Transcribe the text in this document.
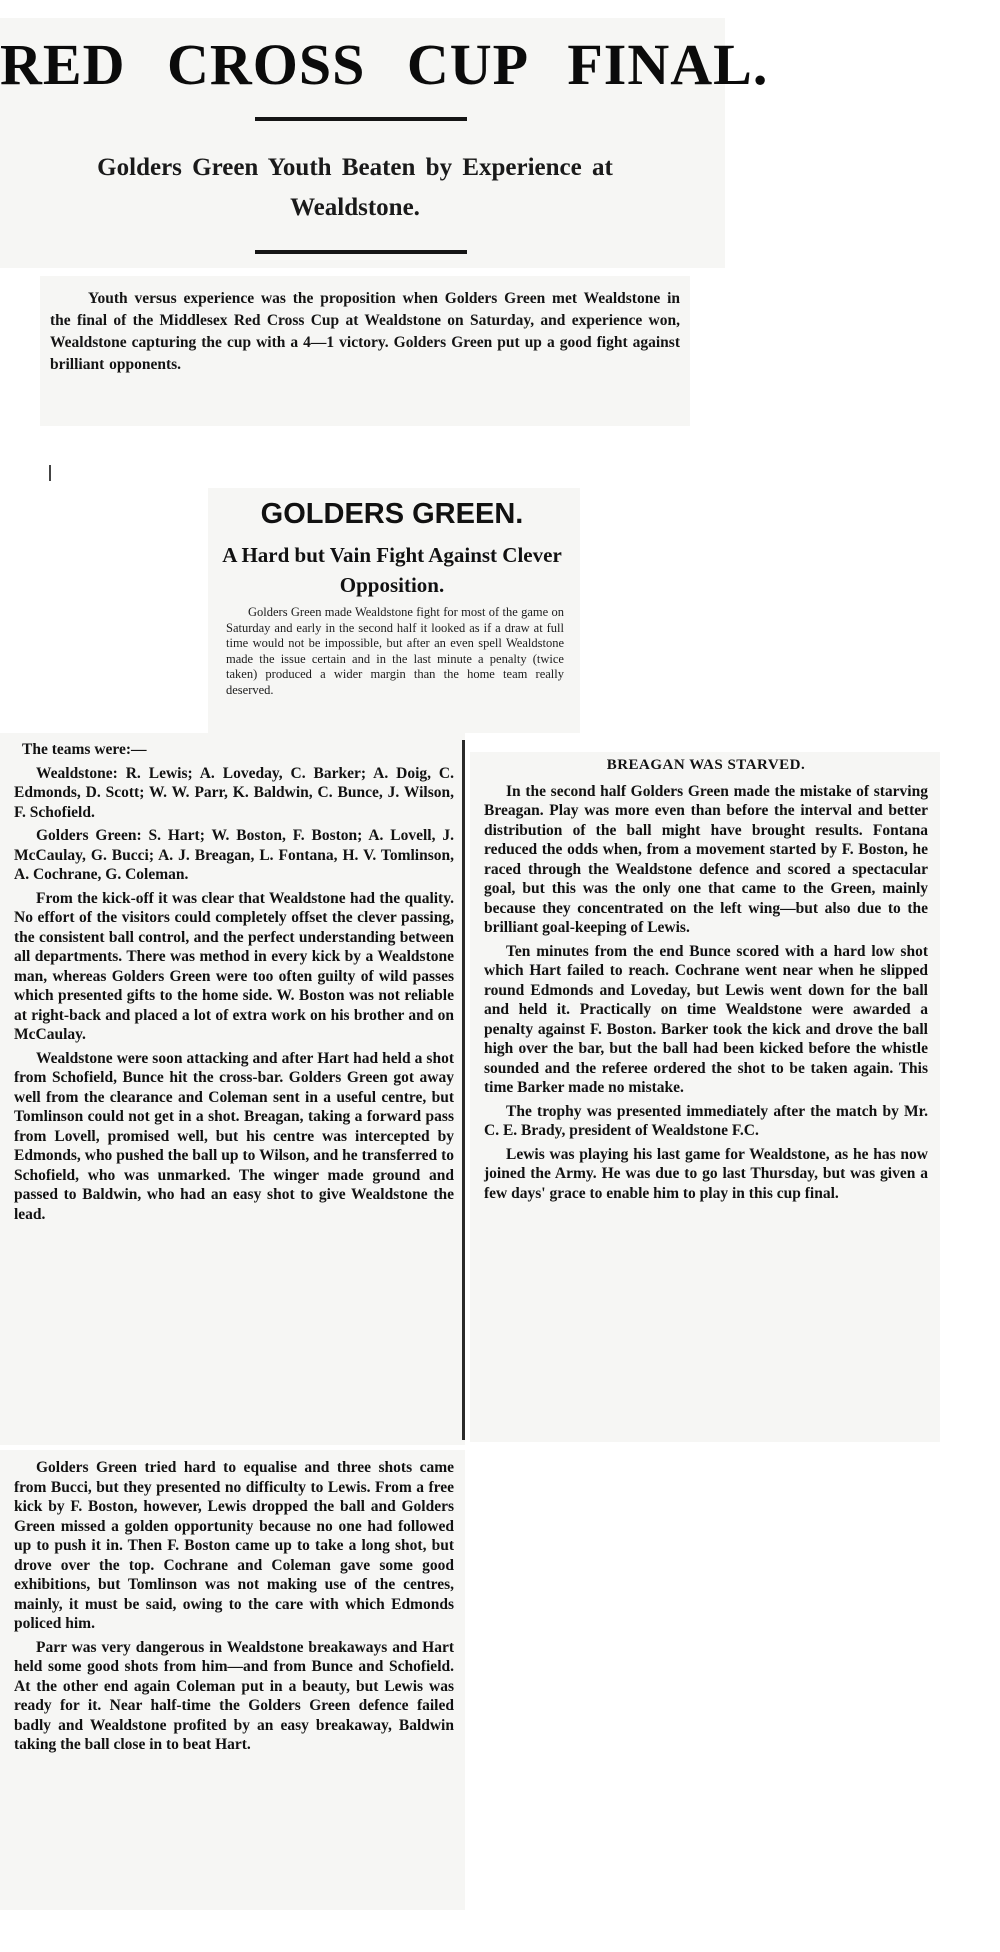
RED CROSS CUP FINAL.
Golders Green Youth Beaten by Experience at Wealdstone.

Youth versus experience was the proposition when Golders Green met Wealdstone in the final of the Middlesex Red Cross Cup at Wealdstone on Saturday, and experience won, Wealdstone capturing the cup with a 4—1 victory. Golders Green put up a good fight against brilliant opponents.

GOLDERS GREEN.
A Hard but Vain Fight Against Clever Opposition.

Golders Green made Wealdstone fight for most of the game on Saturday and early in the second half it looked as if a draw at full time would not be impossible, but after an even spell Wealdstone made the issue certain and in the last minute a penalty (twice taken) produced a wider margin than the home team really deserved.

The teams were:—

Wealdstone: R. Lewis; A. Loveday, C. Barker; A. Doig, C. Edmonds, D. Scott; W. W. Parr, K. Baldwin, C. Bunce, J. Wilson, F. Schofield.

Golders Green: S. Hart; W. Boston, F. Boston; A. Lovell, J. McCaulay, G. Bucci; A. J. Breagan, L. Fontana, H. V. Tomlinson, A. Cochrane, G. Coleman.

From the kick-off it was clear that Wealdstone had the quality. No effort of the visitors could completely offset the clever passing, the consistent ball control, and the perfect understanding between all departments. There was method in every kick by a Wealdstone man, whereas Golders Green were too often guilty of wild passes which presented gifts to the home side. W. Boston was not reliable at right-back and placed a lot of extra work on his brother and on McCaulay.

Wealdstone were soon attacking and after Hart had held a shot from Schofield, Bunce hit the cross-bar. Golders Green got away well from the clearance and Coleman sent in a useful centre, but Tomlinson could not get in a shot. Breagan, taking a forward pass from Lovell, promised well, but his centre was intercepted by Edmonds, who pushed the ball up to Wilson, and he transferred to Schofield, who was unmarked. The winger made ground and passed to Baldwin, who had an easy shot to give Wealdstone the lead.

BREAGAN WAS STARVED.

In the second half Golders Green made the mistake of starving Breagan. Play was more even than before the interval and better distribution of the ball might have brought results. Fontana reduced the odds when, from a movement started by F. Boston, he raced through the Wealdstone defence and scored a spectacular goal, but this was the only one that came to the Green, mainly because they concentrated on the left wing—but also due to the brilliant goal-keeping of Lewis.

Ten minutes from the end Bunce scored with a hard low shot which Hart failed to reach. Cochrane went near when he slipped round Edmonds and Loveday, but Lewis went down for the ball and held it. Practically on time Wealdstone were awarded a penalty against F. Boston. Barker took the kick and drove the ball high over the bar, but the ball had been kicked before the whistle sounded and the referee ordered the shot to be taken again. This time Barker made no mistake.

The trophy was presented immediately after the match by Mr. C. E. Brady, president of Wealdstone F.C.

Lewis was playing his last game for Wealdstone, as he has now joined the Army. He was due to go last Thursday, but was given a few days' grace to enable him to play in this cup final.

Golders Green tried hard to equalise and three shots came from Bucci, but they presented no difficulty to Lewis. From a free kick by F. Boston, however, Lewis dropped the ball and Golders Green missed a golden opportunity because no one had followed up to push it in. Then F. Boston came up to take a long shot, but drove over the top. Cochrane and Coleman gave some good exhibitions, but Tomlinson was not making use of the centres, mainly, it must be said, owing to the care with which Edmonds policed him.

Parr was very dangerous in Wealdstone breakaways and Hart held some good shots from him—and from Bunce and Schofield. At the other end again Coleman put in a beauty, but Lewis was ready for it. Near half-time the Golders Green defence failed badly and Wealdstone profited by an easy breakaway, Baldwin taking the ball close in to beat Hart.
